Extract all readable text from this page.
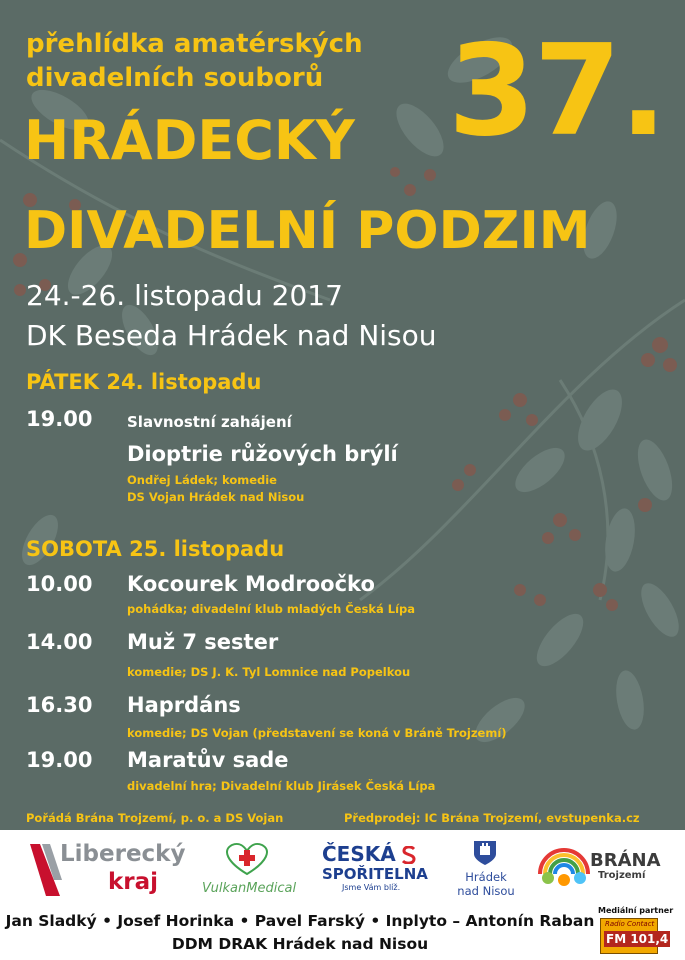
přehlídka amatérských
divadelních souborů 37.
HRÁDECKÝ
DIVADELNÍ PODZIM
24.-26. listopadu 2017
DK Beseda Hrádek nad Nisou
PÁTEK 24. listopadu
19.00 Slavnostní zahájení
Dioptrie růžových brýlí
Ondřej Ládek; komedie
DS Vojan Hrádek nad Nisou
SOBOTA 25. listopadu
10.00 Kocourek Modroočko
pohádka; divadelní klub mladých Česká Lípa
14.00 Muž 7 sester
komedie; DS J. K. Tyl Lomnice nad Popelkou
16.30 Haprdáns
komedie; DS Vojan (představení se koná v Bráně Trojzemí)
19.00 Maratův sade
divadelní hra; Divadelní klub Jirásek Česká Lípa
Pořádá Brána Trojzemí, p. o. a DS Vojan	Předprodej: IC Brána Trojzemí, evstupenka.cz
Liberecký
kraj	VulkanMedical
ČESKÁ
SPOŘITELNA
Jsme Vám blíž.
Hrádek
nad Nisou
BRÁNA
Trojzemí
Jan Sladký • Josef Horinka • Pavel Farský • Inplyto – Antonín Raban
DDM DRAK Hrádek nad Nisou
Mediální partner
Radio Contact
FM 101,4
